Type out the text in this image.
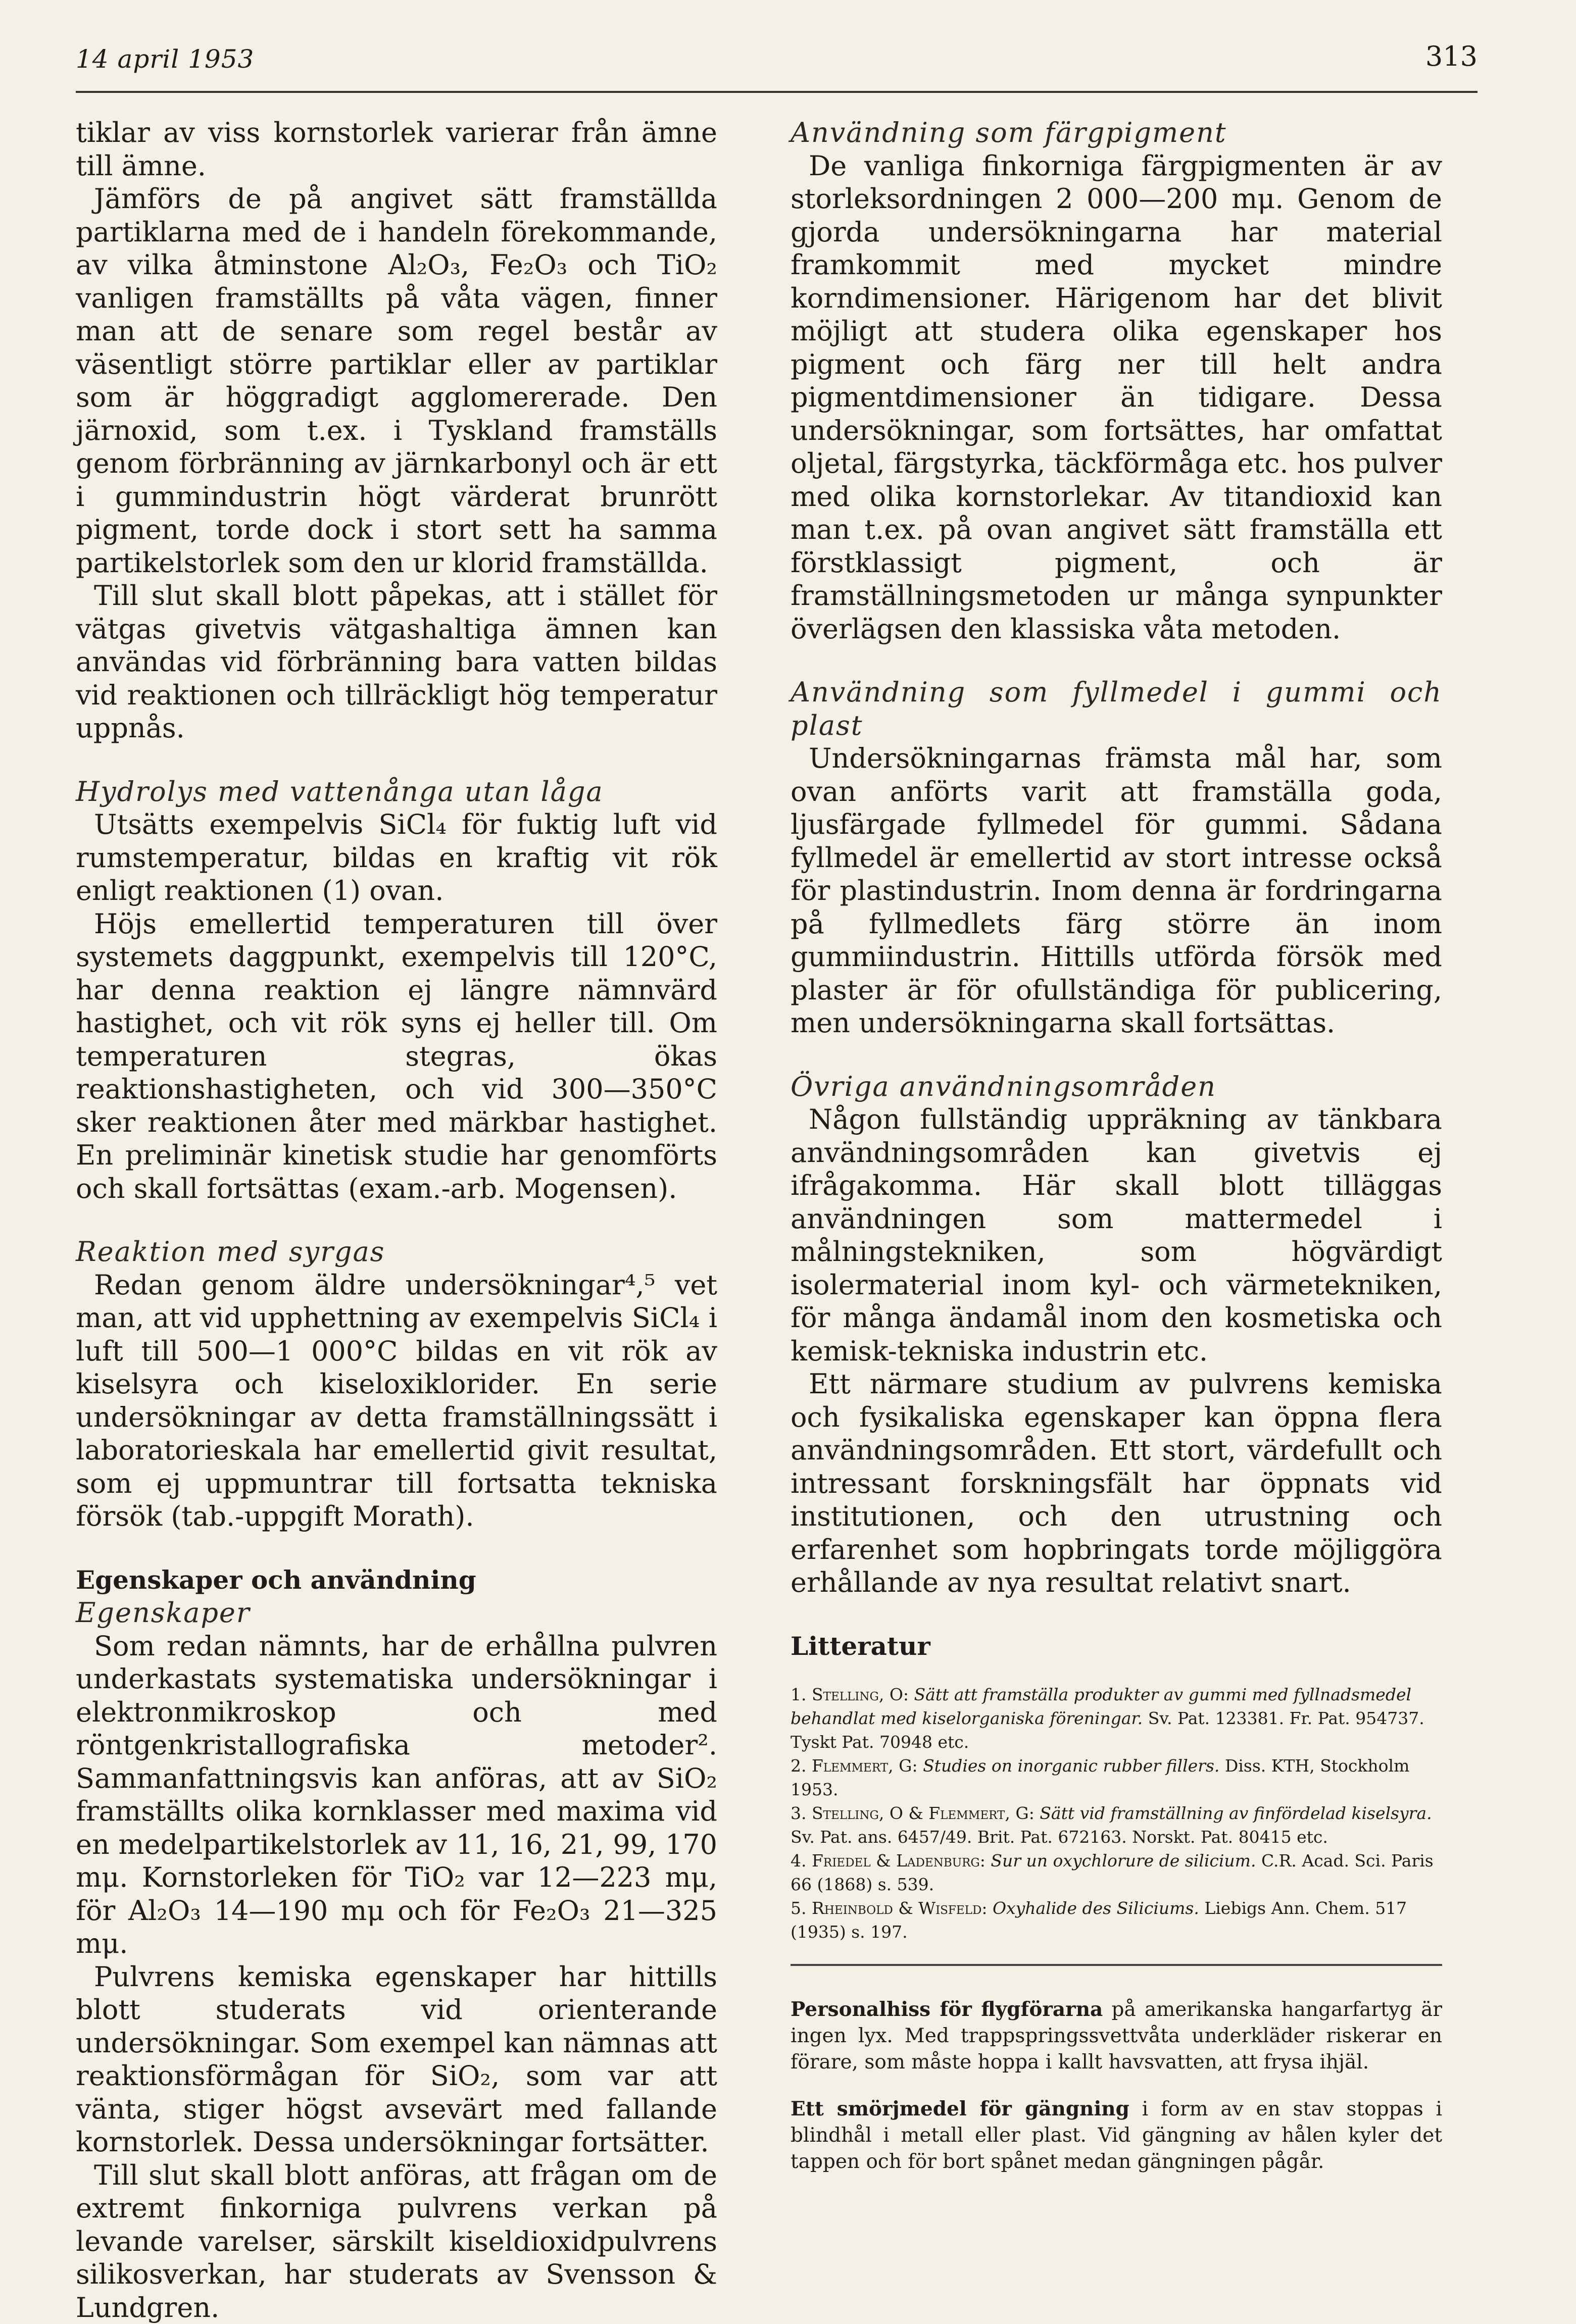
14 april 1953	313

tiklar av viss kornstorlek varierar från ämne till ämne.

Jämförs de på angivet sätt framställda partiklarna med de i handeln förekommande, av vilka åtminstone Al₂O₃, Fe₂O₃ och TiO₂ vanligen framställts på våta vägen, finner man att de senare som regel består av väsentligt större partiklar eller av partiklar som är höggradigt agglomererade. Den järnoxid, som t.ex. i Tyskland framställs genom förbränning av järnkarbonyl och är ett i gummindustrin högt värderat brunrött pigment, torde dock i stort sett ha samma partikelstorlek som den ur klorid framställda.

Till slut skall blott påpekas, att i stället för vätgas givetvis vätgashaltiga ämnen kan användas vid förbränning bara vatten bildas vid reaktionen och tillräckligt hög temperatur uppnås.

Hydrolys med vattenånga utan låga

Utsätts exempelvis SiCl₄ för fuktig luft vid rumstemperatur, bildas en kraftig vit rök enligt reaktionen (1) ovan.

Höjs emellertid temperaturen till över systemets daggpunkt, exempelvis till 120°C, har denna reaktion ej längre nämnvärd hastighet, och vit rök syns ej heller till. Om temperaturen stegras, ökas reaktionshastigheten, och vid 300—350°C sker reaktionen åter med märkbar hastighet. En preliminär kinetisk studie har genomförts och skall fortsättas (exam.-arb. Mogensen).

Reaktion med syrgas

Redan genom äldre undersökningar⁴,⁵ vet man, att vid upphettning av exempelvis SiCl₄ i luft till 500—1 000°C bildas en vit rök av kiselsyra och kiseloxiklorider. En serie undersökningar av detta framställningssätt i laboratorieskala har emellertid givit resultat, som ej uppmuntrar till fortsatta tekniska försök (tab.-uppgift Morath).

Egenskaper och användning
Egenskaper

Som redan nämnts, har de erhållna pulvren underkastats systematiska undersökningar i elektronmikroskop och med röntgenkristallografiska metoder². Sammanfattningsvis kan anföras, att av SiO₂ framställts olika kornklasser med maxima vid en medelpartikelstorlek av 11, 16, 21, 99, 170 mμ. Kornstorleken för TiO₂ var 12—223 mμ, för Al₂O₃ 14—190 mμ och för Fe₂O₃ 21—325 mμ.

Pulvrens kemiska egenskaper har hittills blott studerats vid orienterande undersökningar. Som exempel kan nämnas att reaktionsförmågan för SiO₂, som var att vänta, stiger högst avsevärt med fallande kornstorlek. Dessa undersökningar fortsätter.

Till slut skall blott anföras, att frågan om de extremt finkorniga pulvrens verkan på levande varelser, särskilt kiseldioxidpulvrens silikosverkan, har studerats av Svensson & Lundgren.

Användning som färgpigment

De vanliga finkorniga färgpigmenten är av storleksordningen 2 000—200 mμ. Genom de gjorda undersökningarna har material framkommit med mycket mindre korndimensioner. Härigenom har det blivit möjligt att studera olika egenskaper hos pigment och färg ner till helt andra pigmentdimensioner än tidigare. Dessa undersökningar, som fortsättes, har omfattat oljetal, färgstyrka, täckförmåga etc. hos pulver med olika kornstorlekar. Av titandioxid kan man t.ex. på ovan angivet sätt framställa ett förstklassigt pigment, och är framställningsmetoden ur många synpunkter överlägsen den klassiska våta metoden.

Användning som fyllmedel i gummi och plast

Undersökningarnas främsta mål har, som ovan anförts varit att framställa goda, ljusfärgade fyllmedel för gummi. Sådana fyllmedel är emellertid av stort intresse också för plastindustrin. Inom denna är fordringarna på fyllmedlets färg större än inom gummiindustrin. Hittills utförda försök med plaster är för ofullständiga för publicering, men undersökningarna skall fortsättas.

Övriga användningsområden

Någon fullständig uppräkning av tänkbara användningsområden kan givetvis ej ifrågakomma. Här skall blott tilläggas användningen som mattermedel i målningstekniken, som högvärdigt isolermaterial inom kyl- och värmetekniken, för många ändamål inom den kosmetiska och kemisk-tekniska industrin etc.

Ett närmare studium av pulvrens kemiska och fysikaliska egenskaper kan öppna flera användningsområden. Ett stort, värdefullt och intressant forskningsfält har öppnats vid institutionen, och den utrustning och erfarenhet som hopbringats torde möjliggöra erhållande av nya resultat relativt snart.

Litteratur

1. Stelling, O: Sätt att framställa produkter av gummi med fyllnadsmedel behandlat med kiselorganiska föreningar. Sv. Pat. 123381. Fr. Pat. 954737. Tyskt Pat. 70948 etc.

2. Flemmert, G: Studies on inorganic rubber fillers. Diss. KTH, Stockholm 1953.

3. Stelling, O & Flemmert, G: Sätt vid framställning av finfördelad kiselsyra. Sv. Pat. ans. 6457/49. Brit. Pat. 672163. Norskt. Pat. 80415 etc.

4. Friedel & Ladenburg: Sur un oxychlorure de silicium. C.R. Acad. Sci. Paris 66 (1868) s. 539.

5. Rheinbold & Wisfeld: Oxyhalide des Siliciums. Liebigs Ann. Chem. 517 (1935) s. 197.

Personalhiss för flygförarna på amerikanska hangarfartyg är ingen lyx. Med trappspringssvettvåta underkläder riskerar en förare, som måste hoppa i kallt havsvatten, att frysa ihjäl.

Ett smörjmedel för gängning i form av en stav stoppas i blindhål i metall eller plast. Vid gängning av hålen kyler det tappen och för bort spånet medan gängningen pågår.
